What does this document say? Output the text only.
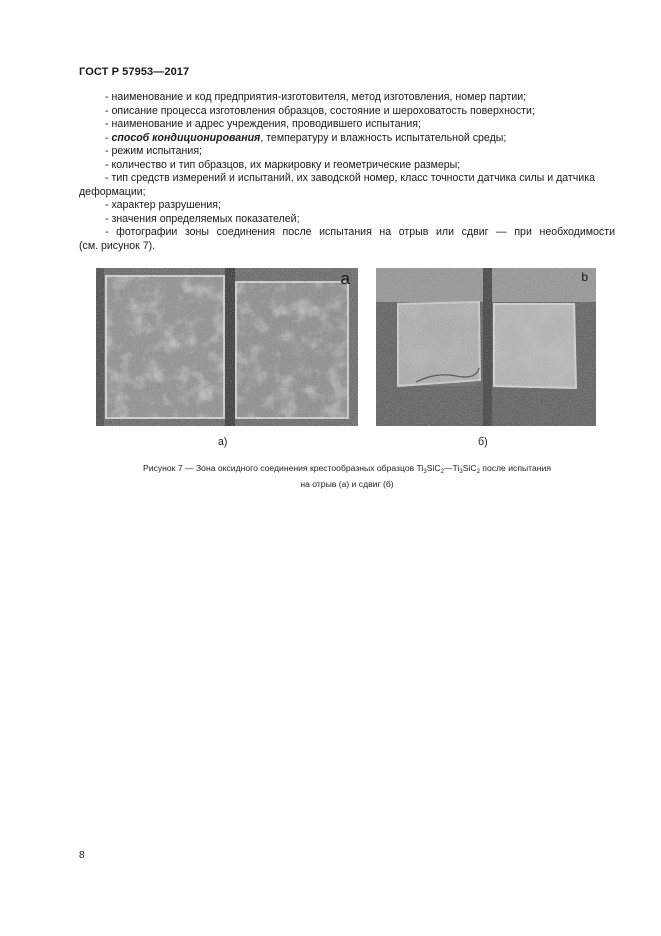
ГОСТ Р 57953—2017

- наименование и код предприятия-изготовителя, метод изготовления, номер партии;

- описание процесса изготовления образцов, состояние и шероховатость поверхности;

- наименование и адрес учреждения, проводившего испытания;

- способ кондиционирования, температуру и влажность испытательной среды;

- режим испытания;

- количество и тип образцов, их маркировку и геометрические размеры;

- тип средств измерений и испытаний, их заводской номер, класс точности датчика силы и датчика

деформации;

- характер разрушения;

- значения определяемых показателей;

- фотографии зоны соединения после испытания на отрыв или сдвиг — при необходимости

(см. рисунок 7).

a	b
а)	б)
Рисунок 7 — Зона оксидного соединения крестообразных образцов $Ti_3SiC_2—Ti_3SiC_2$ после испытания
на отрыв (а) и сдвиг (б)
8
